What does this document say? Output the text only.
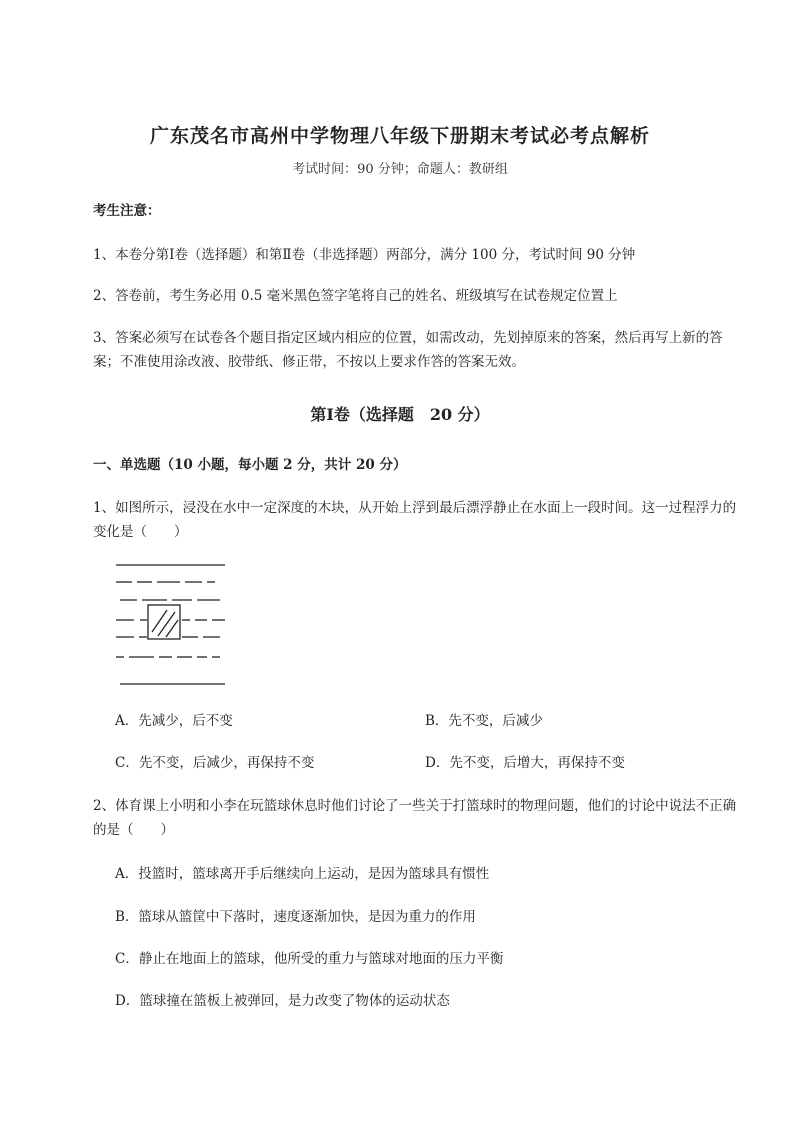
广东茂名市高州中学物理八年级下册期末考试必考点解析
考试时间：90 分钟；命题人：教研组
考生注意：
1、本卷分第Ⅰ卷（选择题）和第Ⅱ卷（非选择题）两部分，满分 100 分，考试时间 90 分钟
2、答卷前，考生务必用 0.5 毫米黑色签字笔将自己的姓名、班级填写在试卷规定位置上
3、答案必须写在试卷各个题目指定区域内相应的位置，如需改动，先划掉原来的答案，然后再写上新的答案；不准使用涂改液、胶带纸、修正带，不按以上要求作答的答案无效。
第Ⅰ卷（选择题　20 分）
一、单选题（10 小题，每小题 2 分，共计 20 分）
1、如图所示，浸没在水中一定深度的木块，从开始上浮到最后漂浮静止在水面上一段时间。这一过程浮力的变化是（　　）
A．先减少，后不变	B．先不变，后减少
C．先不变，后减少，再保持不变	D．先不变，后增大，再保持不变
2、体育课上小明和小李在玩篮球休息时他们讨论了一些关于打篮球时的物理问题，他们的讨论中说法不正确的是（　　）
A．投篮时，篮球离开手后继续向上运动，是因为篮球具有惯性
B．篮球从篮筐中下落时，速度逐渐加快，是因为重力的作用
C．静止在地面上的篮球，他所受的重力与篮球对地面的压力平衡
D．篮球撞在篮板上被弹回，是力改变了物体的运动状态
